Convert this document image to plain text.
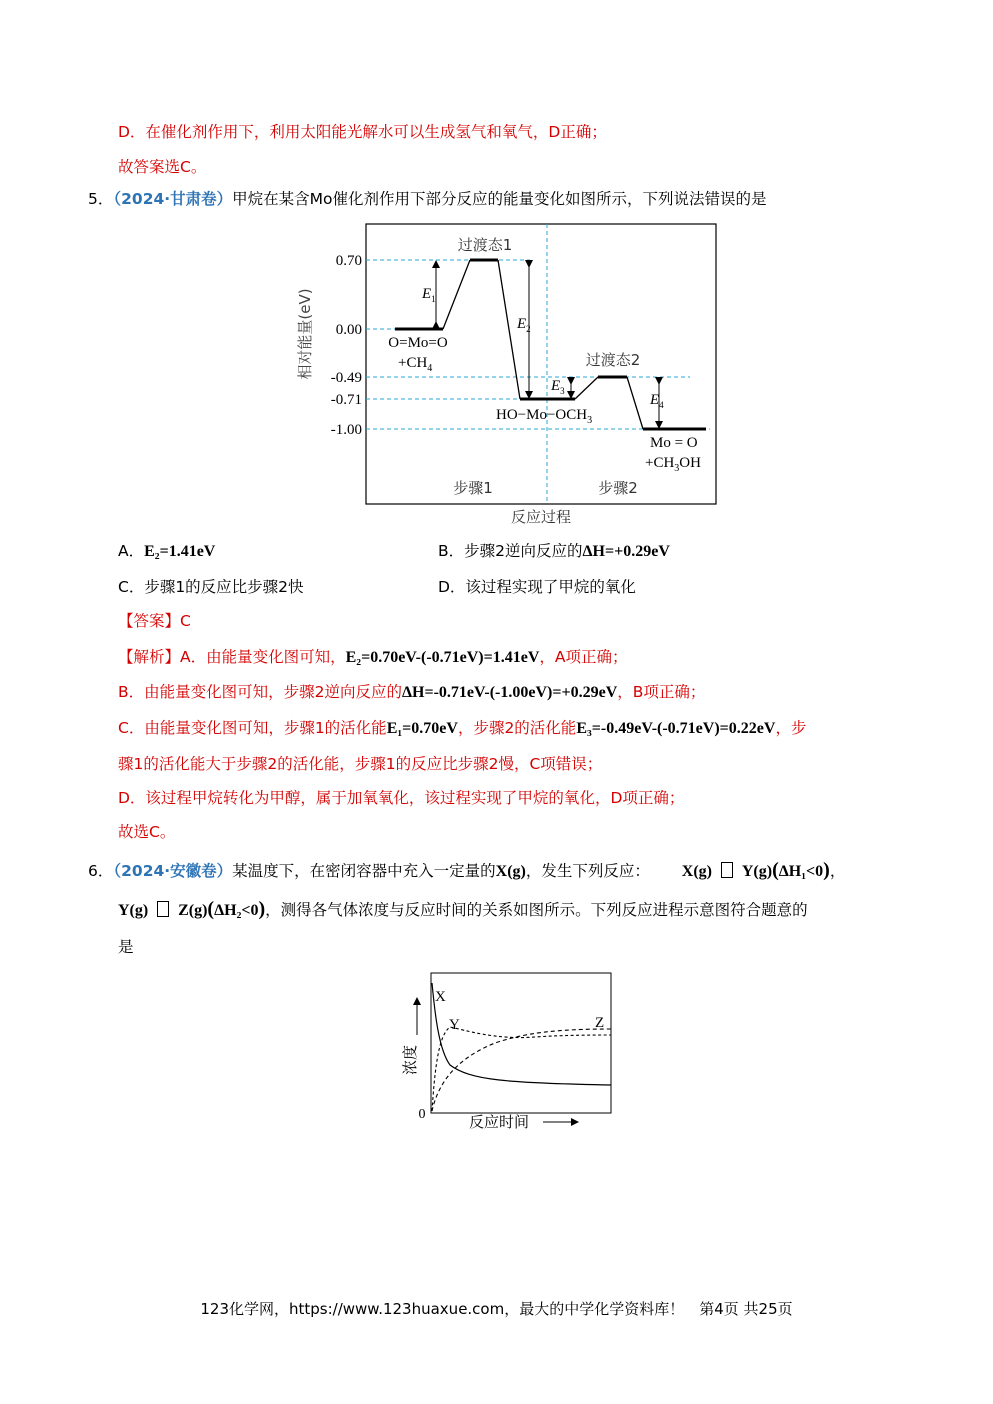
D．在催化剂作用下，利用太阳能光解水可以生成氢气和氧气，D正确；
故答案选C。
5．（2024·甘肃卷）甲烷在某含Mo催化剂作用下部分反应的能量变化如图所示，下列说法错误的是
0.70
0.00
-0.49
-0.71
-1.00
相对能量(eV)
反应过程
过渡态1
过渡态2
O=Mo=O
$+CH_4$
$HO-Mo-OCH_3$
Mo = O
$+CH_3OH$
$E_1$
$E_2$
$E_3$
$E_4$
步骤1	步骤2
A．E₂=1.41eV	B．步骤2逆向反应的ΔH=+0.29eV
C．步骤1的反应比步骤2快	D．该过程实现了甲烷的氧化
【答案】C
【解析】A．由能量变化图可知，E₂=0.70eV-(-0.71eV)=1.41eV，A项正确；
B．由能量变化图可知，步骤2逆向反应的ΔH=-0.71eV-(-1.00eV)=+0.29eV，B项正确；
C．由能量变化图可知，步骤1的活化能E₁=0.70eV，步骤2的活化能E₃=-0.49eV-(-0.71eV)=0.22eV，步
骤1的活化能大于步骤2的活化能，步骤1的反应比步骤2慢，C项错误；
D．该过程甲烷转化为甲醇，属于加氧氧化，该过程实现了甲烷的氧化，D项正确；
故选C。
6．（2024·安徽卷）某温度下，在密闭容器中充入一定量的X(g)，发生下列反应： X(g) Y(g)(ΔH₁<0)，
Y(g) Z(g)(ΔH₂<0)，测得各气体浓度与反应时间的关系如图所示。下列反应进程示意图符合题意的
是
X
Y	Z
0
浓度
反应时间
123化学网，https://www.123huaxue.com，最大的中学化学资料库！　第4页 共25页
